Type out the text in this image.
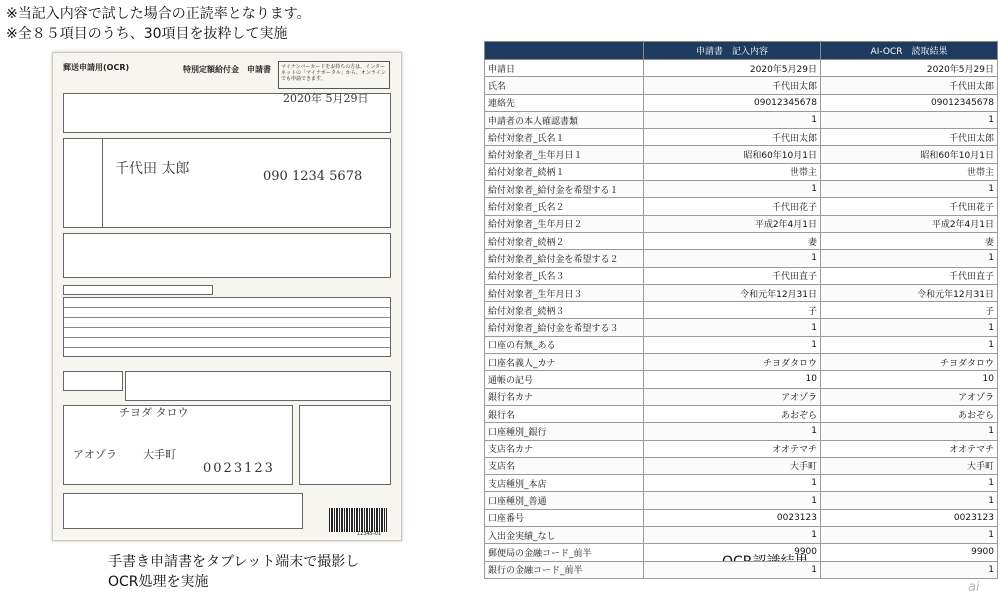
※当記入内容で試した場合の正読率となります。
※全８５項目のうち、30項目を抜粋して実施
郵送申請用(OCR)	特別定額給付金　申請書	マイナンバーカードをお持ちの方は、インターネットの「マイナポータル」から、オンラインでも申請できます。
2020年 5月29日
千代田 太郎	090 1234 5678
チヨダ タロウ
アオゾラ 大手町
0023123
12345-01
手書き申請書をタブレット端末で撮影し
OCR処理を実施
	申請書　記入内容	AI-OCR　読取結果
申請日	2020年5月29日	2020年5月29日
氏名	千代田太郎	千代田太郎
連絡先	09012345678	09012345678
申請者の本人確認書類	1	1
給付対象者_氏名１	千代田太郎	千代田太郎
給付対象者_生年月日１	昭和60年10月1日	昭和60年10月1日
給付対象者_続柄１	世帯主	世帯主
給付対象者_給付金を希望する１	1	1
給付対象者_氏名２	千代田花子	千代田花子
給付対象者_生年月日２	平成2年4月1日	平成2年4月1日
給付対象者_続柄２	妻	妻
給付対象者_給付金を希望する２	1	1
給付対象者_氏名３	千代田直子	千代田直子
給付対象者_生年月日３	令和元年12月31日	令和元年12月31日
給付対象者_続柄３	子	子
給付対象者_給付金を希望する３	1	1
口座の有無_ある	1	1
口座名義人_カナ	チヨダタロウ	チヨダタロウ
通帳の記号	10	10
銀行名カナ	アオゾラ	アオゾラ
銀行名	あおぞら	あおぞら
口座種別_銀行	1	1
支店名カナ	オオテマチ	オオテマチ
支店名	大手町	大手町
支店種別_本店	1	1
口座種別_普通	1	1
口座番号	0023123	0023123
入出金実績_なし	1	1
郵便局の金融コード_前半	9900	9900
銀行の金融コード_前半	1	1
ai
